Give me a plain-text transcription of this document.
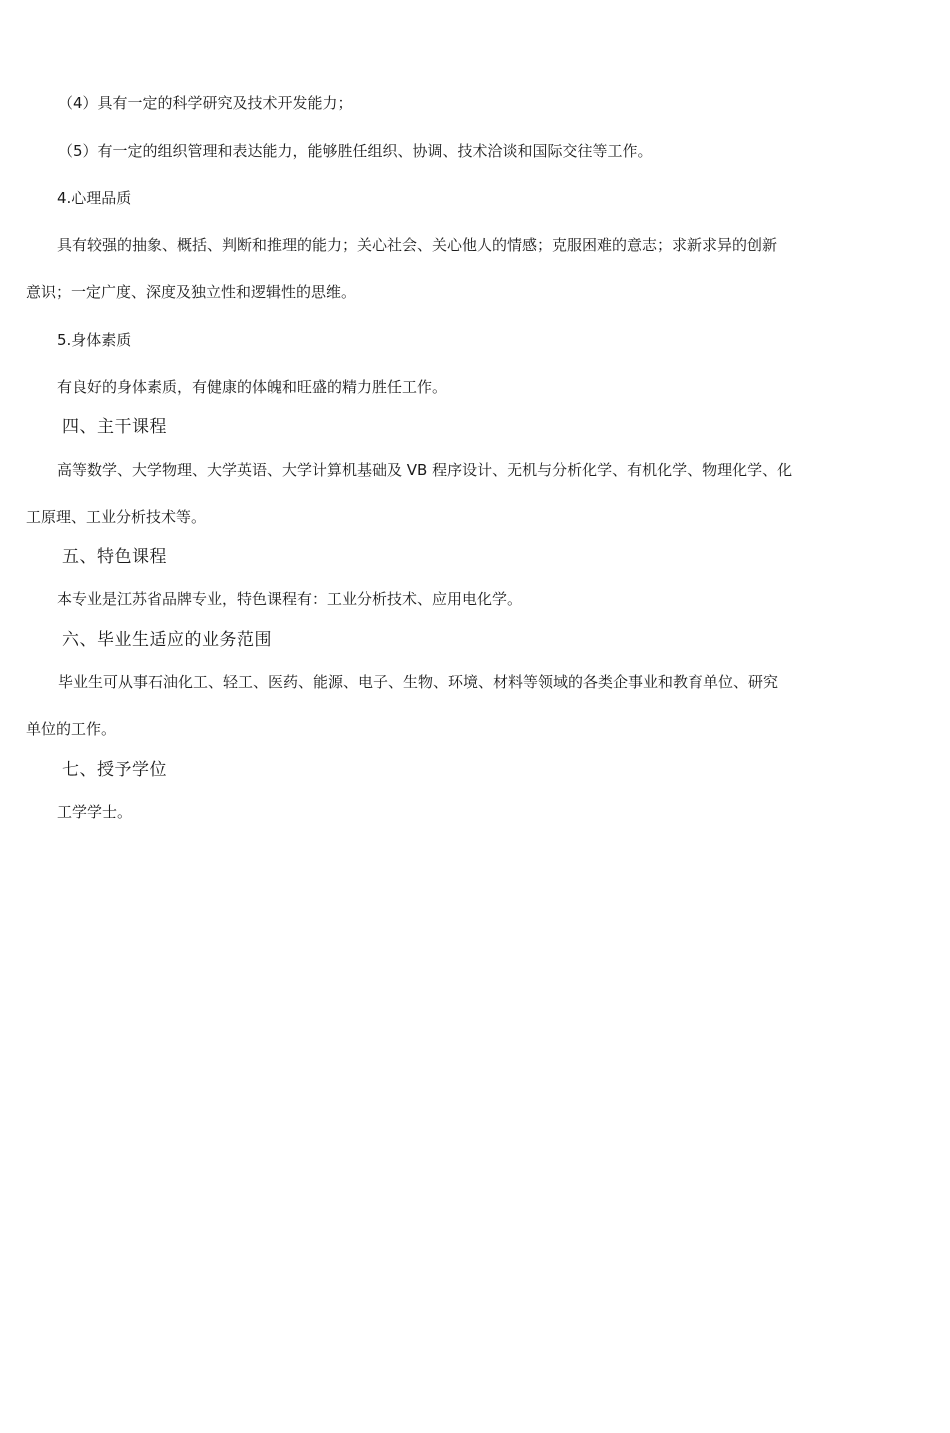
（4）具有一定的科学研究及技术开发能力；
（5）有一定的组织管理和表达能力，能够胜任组织、协调、技术洽谈和国际交往等工作。
4.心理品质
具有较强的抽象、概括、判断和推理的能力；关心社会、关心他人的情感；克服困难的意志；求新求异的创新
意识；一定广度、深度及独立性和逻辑性的思维。
5.身体素质
有良好的身体素质，有健康的体魄和旺盛的精力胜任工作。
四、主干课程
高等数学、大学物理、大学英语、大学计算机基础及 VB 程序设计、无机与分析化学、有机化学、物理化学、化
工原理、工业分析技术等。
五、特色课程
本专业是江苏省品牌专业，特色课程有：工业分析技术、应用电化学。
六、毕业生适应的业务范围
毕业生可从事石油化工、轻工、医药、能源、电子、生物、环境、材料等领域的各类企事业和教育单位、研究
单位的工作。
七、授予学位
工学学士。
